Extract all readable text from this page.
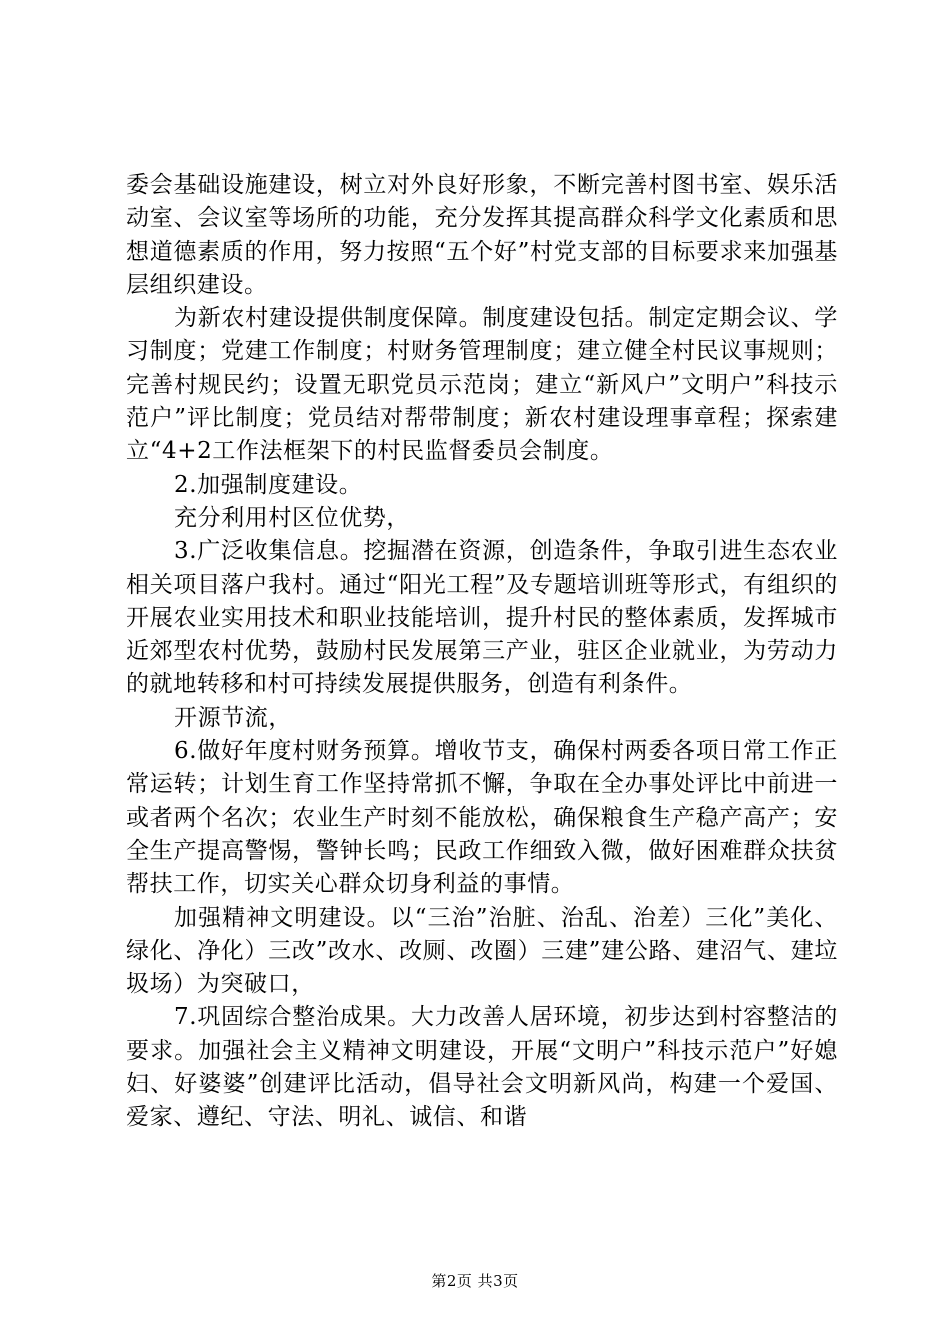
委会基础设施建设，树立对外良好形象，不断完善村图书室、娱乐活动室、会议室等场所的功能，充分发挥其提高群众科学文化素质和思想道德素质的作用，努力按照“五个好”村党支部的目标要求来加强基层组织建设。

为新农村建设提供制度保障。制度建设包括。制定定期会议、学习制度；党建工作制度；村财务管理制度；建立健全村民议事规则；完善村规民约；设置无职党员示范岗；建立“新风户”文明户”科技示范户”评比制度；党员结对帮带制度；新农村建设理事章程；探索建立“4+2工作法框架下的村民监督委员会制度。

2.加强制度建设。

充分利用村区位优势，

3.广泛收集信息。挖掘潜在资源，创造条件，争取引进生态农业相关项目落户我村。通过“阳光工程”及专题培训班等形式，有组织的开展农业实用技术和职业技能培训，提升村民的整体素质，发挥城市近郊型农村优势，鼓励村民发展第三产业，驻区企业就业，为劳动力的就地转移和村可持续发展提供服务，创造有利条件。

开源节流，

6.做好年度村财务预算。增收节支，确保村两委各项日常工作正常运转；计划生育工作坚持常抓不懈，争取在全办事处评比中前进一或者两个名次；农业生产时刻不能放松，确保粮食生产稳产高产；安全生产提高警惕，警钟长鸣；民政工作细致入微，做好困难群众扶贫帮扶工作，切实关心群众切身利益的事情。

加强精神文明建设。以“三治”治脏、治乱、治差）三化”美化、绿化、净化）三改”改水、改厕、改圈）三建”建公路、建沼气、建垃圾场）为突破口，

7.巩固综合整治成果。大力改善人居环境，初步达到村容整洁的要求。加强社会主义精神文明建设，开展“文明户”科技示范户”好媳妇、好婆婆”创建评比活动，倡导社会文明新风尚，构建一个爱国、爱家、遵纪、守法、明礼、诚信、和谐

第2页 共3页
